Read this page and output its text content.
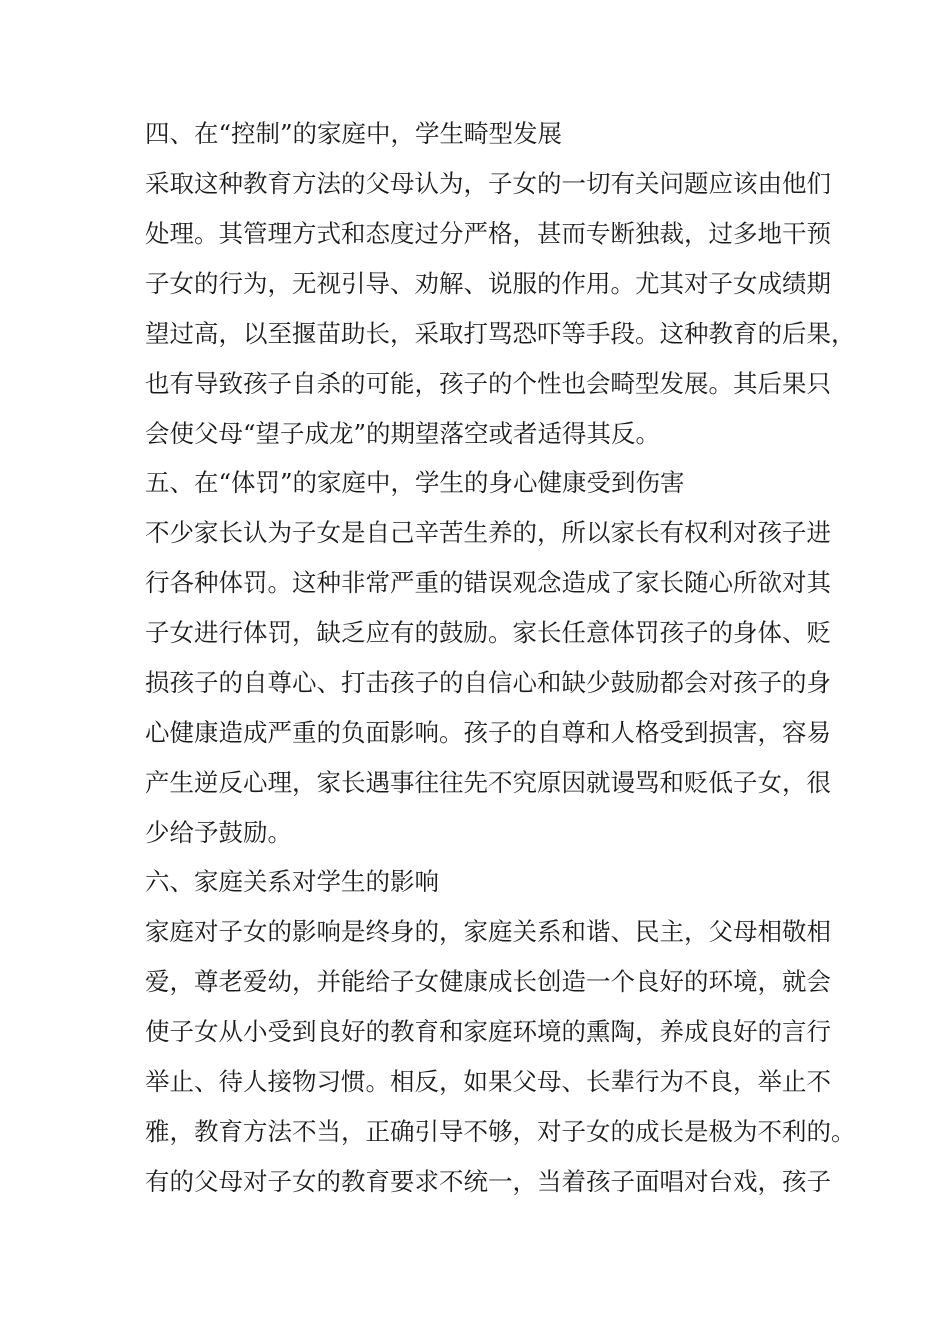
四、在“控制”的家庭中，学生畸型发展
采取这种教育方法的父母认为，子女的一切有关问题应该由他们
处理。其管理方式和态度过分严格，甚而专断独裁，过多地干预
子女的行为，无视引导、劝解、说服的作用。尤其对子女成绩期
望过高，以至揠苗助长，采取打骂恐吓等手段。这种教育的后果，
也有导致孩子自杀的可能，孩子的个性也会畸型发展。其后果只
会使父母“望子成龙”的期望落空或者适得其反。
五、在“体罚”的家庭中，学生的身心健康受到伤害
不少家长认为子女是自己辛苦生养的，所以家长有权利对孩子进
行各种体罚。这种非常严重的错误观念造成了家长随心所欲对其
子女进行体罚，缺乏应有的鼓励。家长任意体罚孩子的身体、贬
损孩子的自尊心、打击孩子的自信心和缺少鼓励都会对孩子的身
心健康造成严重的负面影响。孩子的自尊和人格受到损害，容易
产生逆反心理，家长遇事往往先不究原因就谩骂和贬低子女，很
少给予鼓励。
六、家庭关系对学生的影响
家庭对子女的影响是终身的，家庭关系和谐、民主，父母相敬相
爱，尊老爱幼，并能给子女健康成长创造一个良好的环境，就会
使子女从小受到良好的教育和家庭环境的熏陶，养成良好的言行
举止、待人接物习惯。相反，如果父母、长辈行为不良，举止不
雅，教育方法不当，正确引导不够，对子女的成长是极为不利的。
有的父母对子女的教育要求不统一，当着孩子面唱对台戏，孩子
